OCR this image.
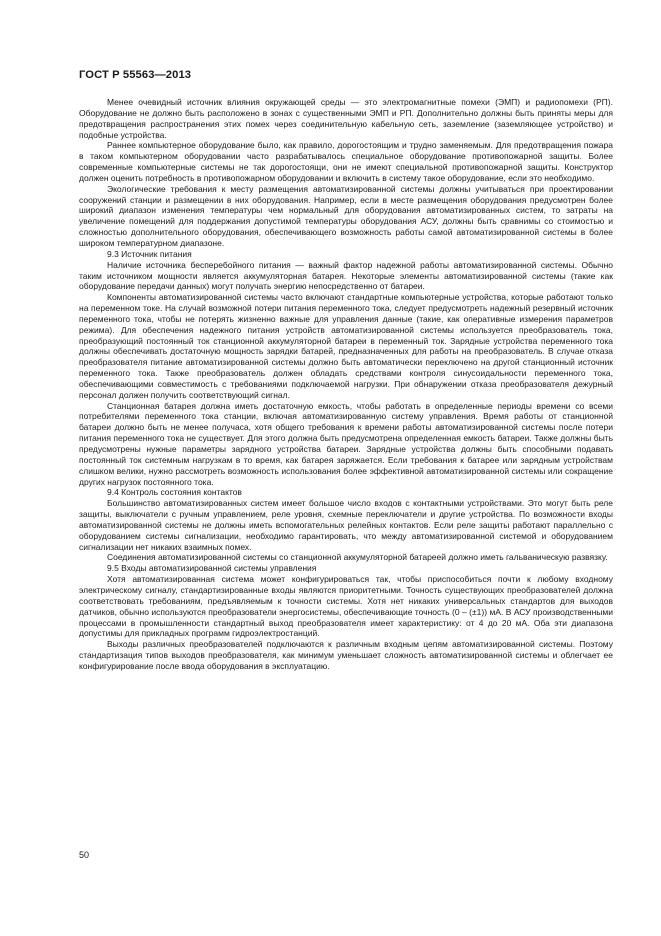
ГОСТ Р 55563—2013

Менее очевидный источник влияния окружающей среды — это электромагнитные помехи (ЭМП) и радиопомехи (РП). Оборудование не должно быть расположено в зонах с существенными ЭМП и РП. Дополнительно должны быть приняты меры для предотвращения распространения этих помех через соединительную кабельную сеть, заземление (заземляющее устройство) и подобные устройства.

Раннее компьютерное оборудование было, как правило, дорогостоящим и трудно заменяемым. Для предотвращения пожара в таком компьютерном оборудовании часто разрабатывалось специальное оборудование противопожарной защиты. Более современные компьютерные системы не так дорогостоящи, они не имеют специальной противопожарной защиты. Конструктор должен оценить потребность в противопожарном оборудовании и включить в систему такое оборудование, если это необходимо.

Экологические требования к месту размещения автоматизированной системы должны учитываться при проектировании сооружений станции и размещении в них оборудования. Например, если в месте размещения оборудования предусмотрен более широкий диапазон изменения температуры чем нормальный для оборудования автоматизированных систем, то затраты на увеличение помещений для поддержания допустимой температуры оборудования АСУ, должны быть сравнимы со стоимостью и сложностью дополнительного оборудования, обеспечивающего возможность работы самой автоматизированной системы в более широком температурном диапазоне.

9.3 Источник питания

Наличие источника бесперебойного питания — важный фактор надежной работы автоматизированной системы. Обычно таким источником мощности является аккумуляторная батарея. Некоторые элементы автоматизированной системы (такие как оборудование передачи данных) могут получать энергию непосредственно от батареи.

Компоненты автоматизированной системы часто включают стандартные компьютерные устройства, которые работают только на переменном токе. На случай возможной потери питания переменного тока, следует предусмотреть надежный резервный источник переменного тока, чтобы не потерять жизненно важные для управления данные (такие, как оперативные измерения параметров режима). Для обеспечения надежного питания устройств автоматизированной системы используется преобразователь тока, преобразующий постоянный ток станционной аккумуляторной батареи в переменный ток. Зарядные устройства переменного тока должны обеспечивать достаточную мощность зарядки батарей, предназначенных для работы на преобразователь. В случае отказа преобразователя питание автоматизированной системы должно быть автоматически переключено на другой станционный источник переменного тока. Также преобразователь должен обладать средствами контроля синусоидальности переменного тока, обеспечивающими совместимость с требованиями подключаемой нагрузки. При обнаружении отказа преобразователя дежурный персонал должен получить соответствующий сигнал.

Станционная батарея должна иметь достаточную емкость, чтобы работать в определенные периоды времени со всеми потребителями переменного тока станции, включая автоматизированную систему управления. Время работы от станционной батареи должно быть не менее получаса, хотя общего требования к времени работы автоматизированной системы после потери питания переменного тока не существует. Для этого должна быть предусмотрена определенная емкость батареи. Также должны быть предусмотрены нужные параметры зарядного устройства батареи. Зарядные устройства должны быть способными подавать постоянный ток системным нагрузкам в то время, как батарея заряжается. Если требования к батарее или зарядным устройствам слишком велики, нужно рассмотреть возможность использования более эффективной автоматизированной системы или сокращение других нагрузок постоянного тока.

9.4 Контроль состояния контактов

Большинство автоматизированных систем имеет большое число входов с контактными устройствами. Это могут быть реле защиты, выключатели с ручным управлением, реле уровня, схемные переключатели и другие устройства. По возможности входы автоматизированной системы не должны иметь вспомогательных релейных контактов. Если реле защиты работают параллельно с оборудованием системы сигнализации, необходимо гарантировать, что между автоматизированной системой и оборудованием сигнализации нет никаких взаимных помех.

Соединения автоматизированной системы со станционной аккумуляторной батареей должно иметь гальваническую развязку.

9.5 Входы автоматизированной системы управления

Хотя автоматизированная система может конфигурироваться так, чтобы приспособиться почти к любому входному электрическому сигналу, стандартизированные входы являются приоритетными. Точность существующих преобразователей должна соответствовать требованиям, предъявляемым к точности системы. Хотя нет никаких универсальных стандартов для выходов датчиков, обычно используются преобразователи энергосистемы, обеспечивающие точность (0 – (±1)) мА. В АСУ производственными процессами в промышленности стандартный выход преобразователя имеет характеристику: от 4 до 20 мА. Оба эти диапазона допустимы для прикладных программ гидроэлектростанций.

Выходы различных преобразователей подключаются к различным входным цепям автоматизированной системы. Поэтому стандартизация типов выходов преобразователя, как минимум уменьшает сложность автоматизированной системы и облегчает ее конфигурирование после ввода оборудования в эксплуатацию.

50
